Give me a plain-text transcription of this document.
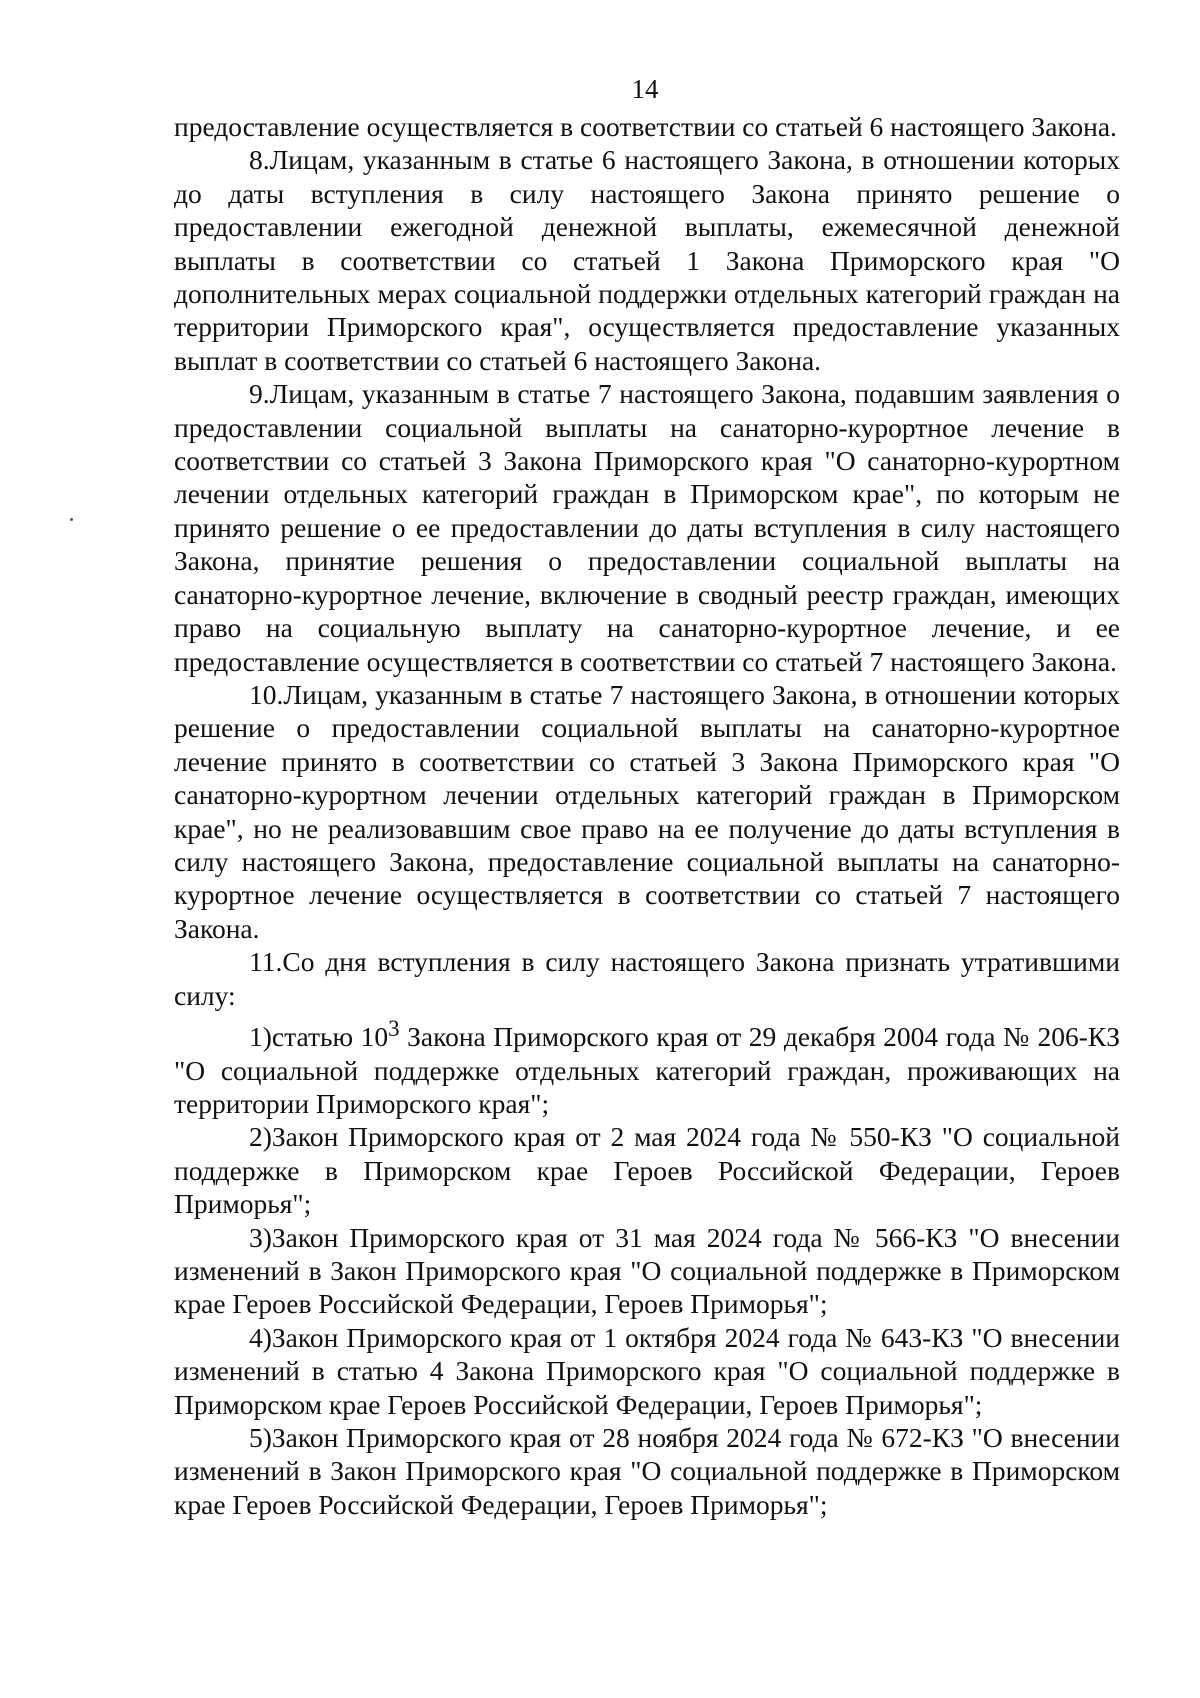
14

предоставление осуществляется в соответствии со статьей 6 настоящего Закона.

8.Лицам, указанным в статье 6 настоящего Закона, в отношении которых до даты вступления в силу настоящего Закона принято решение о предоставлении ежегодной денежной выплаты, ежемесячной денежной выплаты в соответствии со статьей 1 Закона Приморского края "О дополнительных мерах социальной поддержки отдельных категорий граждан на территории Приморского края", осуществляется предоставление указанных выплат в соответствии со статьей 6 настоящего Закона.

9.Лицам, указанным в статье 7 настоящего Закона, подавшим заявления о предоставлении социальной выплаты на санаторно-курортное лечение в соответствии со статьей 3 Закона Приморского края "О санаторно-курортном лечении отдельных категорий граждан в Приморском крае", по которым не принято решение о ее предоставлении до даты вступления в силу настоящего Закона, принятие решения о предоставлении социальной выплаты на санаторно-курортное лечение, включение в сводный реестр граждан, имеющих право на социальную выплату на санаторно-курортное лечение, и ее предоставление осуществляется в соответствии со статьей 7 настоящего Закона.

10.Лицам, указанным в статье 7 настоящего Закона, в отношении которых решение о предоставлении социальной выплаты на санаторно-курортное лечение принято в соответствии со статьей 3 Закона Приморского края "О санаторно-курортном лечении отдельных категорий граждан в Приморском крае", но не реализовавшим свое право на ее получение до даты вступления в силу настоящего Закона, предоставление социальной выплаты на санаторно-курортное лечение осуществляется в соответствии со статьей 7 настоящего Закона.

11.Со дня вступления в силу настоящего Закона признать утратившими силу:

1)статью $10^3$ Закона Приморского края от 29 декабря 2004 года № 206-КЗ "О социальной поддержке отдельных категорий граждан, проживающих на территории Приморского края";

2)Закон Приморского края от 2 мая 2024 года № 550-КЗ "О социальной поддержке в Приморском крае Героев Российской Федерации, Героев Приморья";

3)Закон Приморского края от 31 мая 2024 года № 566-КЗ "О внесении изменений в Закон Приморского края "О социальной поддержке в Приморском крае Героев Российской Федерации, Героев Приморья";

4)Закон Приморского края от 1 октября 2024 года № 643-КЗ "О внесении изменений в статью 4 Закона Приморского края "О социальной поддержке в Приморском крае Героев Российской Федерации, Героев Приморья";

5)Закон Приморского края от 28 ноября 2024 года № 672-КЗ "О внесении изменений в Закон Приморского края "О социальной поддержке в Приморском крае Героев Российской Федерации, Героев Приморья";
